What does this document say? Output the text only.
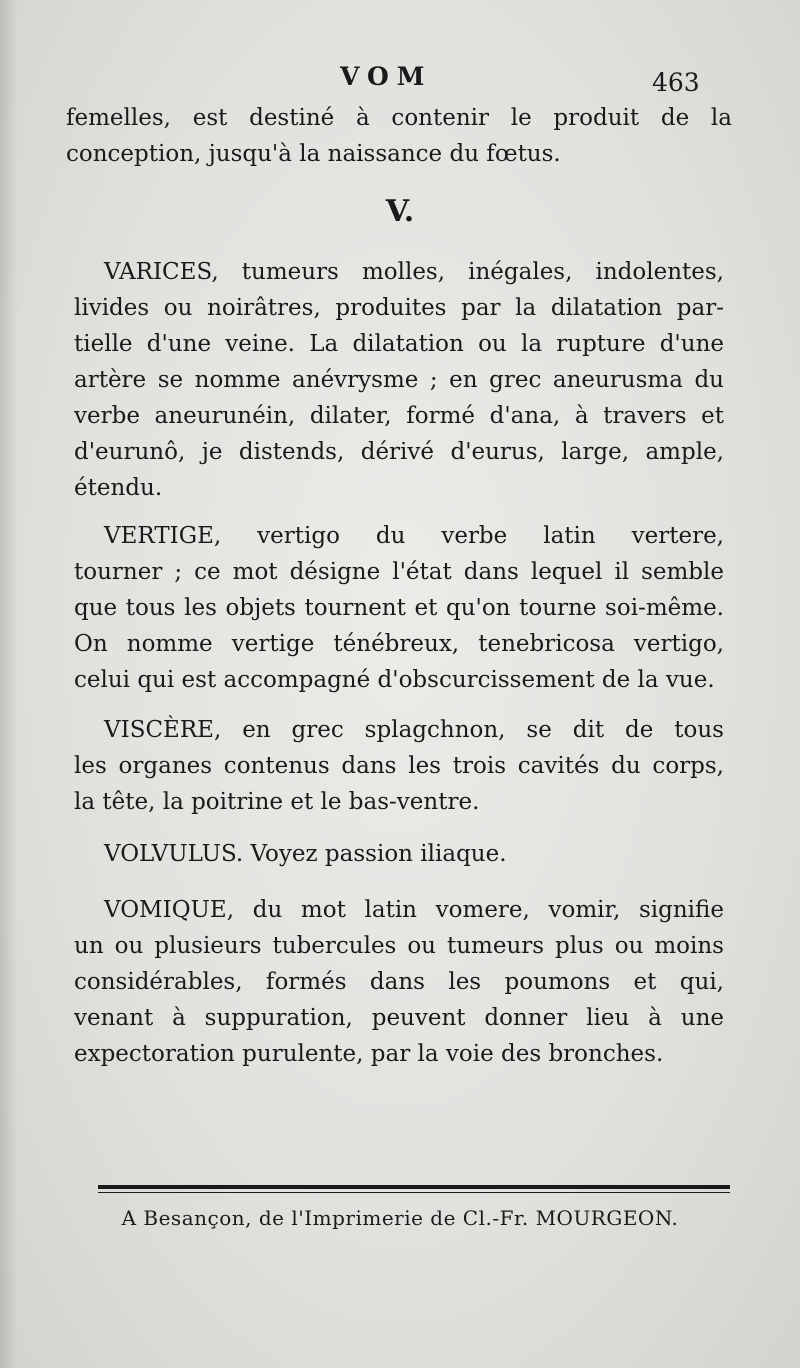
VOM	463
femelles, est destiné à contenir le produit de la
conception, jusqu'à la naissance du fœtus.
V.
VARICES, tumeurs molles, inégales, indolentes,
livides ou noirâtres, produites par la dilatation par-
tielle d'une veine. La dilatation ou la rupture d'une
artère se nomme anévrysme ; en grec aneurusma du
verbe aneurunéin, dilater, formé d'ana, à travers et
d'eurunô, je distends, dérivé d'eurus, large, ample,
étendu.
VERTIGE, vertigo du verbe latin vertere,
tourner ; ce mot désigne l'état dans lequel il semble
que tous les objets tournent et qu'on tourne soi-même.
On nomme vertige ténébreux, tenebricosa vertigo,
celui qui est accompagné d'obscurcissement de la vue.
VISCÈRE, en grec splagchnon, se dit de tous
les organes contenus dans les trois cavités du corps,
la tête, la poitrine et le bas-ventre.
VOLVULUS. Voyez passion iliaque.
VOMIQUE, du mot latin vomere, vomir, signifie
un ou plusieurs tubercules ou tumeurs plus ou moins
considérables, formés dans les poumons et qui,
venant à suppuration, peuvent donner lieu à une
expectoration purulente, par la voie des bronches.
A Besançon, de l'Imprimerie de Cl.-Fr. MOURGEON.
